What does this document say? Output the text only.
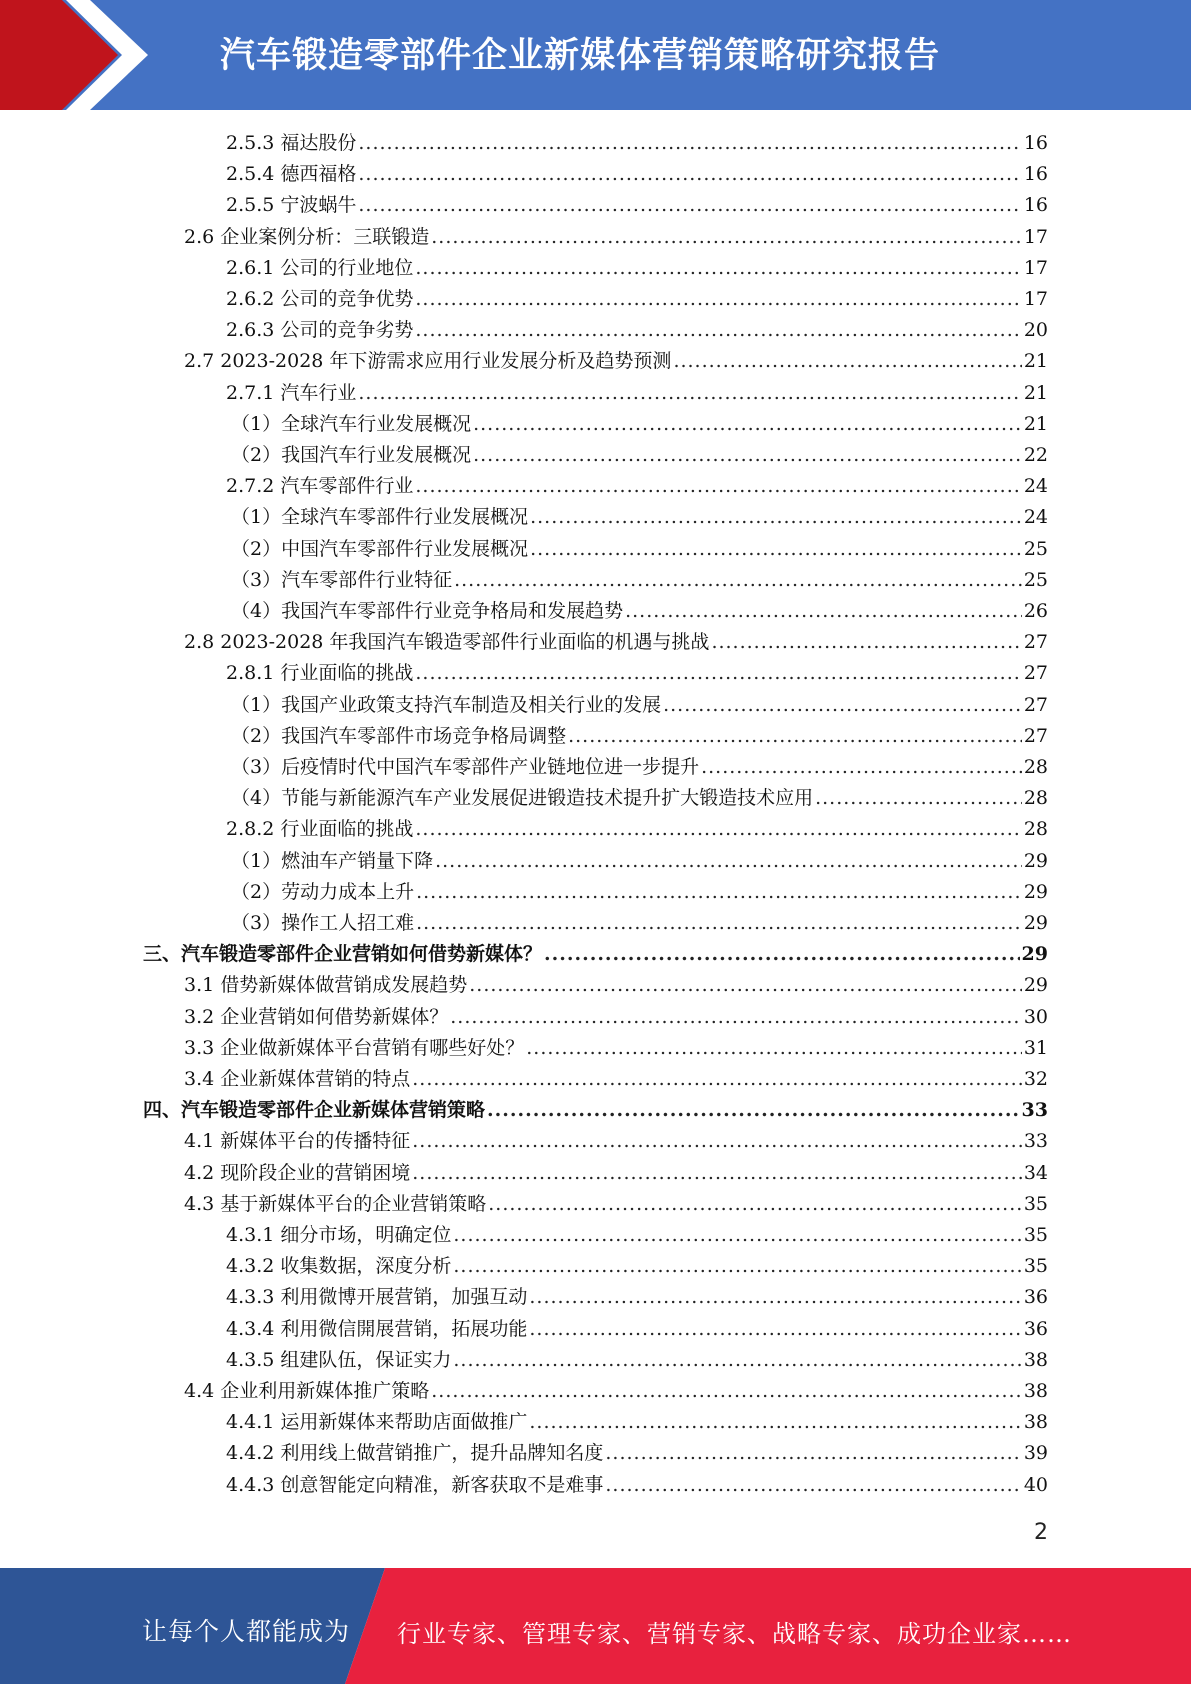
汽车锻造零部件企业新媒体营销策略研究报告
2.5.3 福达股份 .....	16
2.5.4 德西福格 .....	16
2.5.5 宁波蜗牛 .....	16
2.6 企业案例分析：三联锻造 .....	17
2.6.1 公司的行业地位 .....	17
2.6.2 公司的竞争优势 .....	17
2.6.3 公司的竞争劣势 .....	20
2.7 2023-2028 年下游需求应用行业发展分析及趋势预测 .....	21
2.7.1 汽车行业 .....	21
（1）全球汽车行业发展概况 .....	21
（2）我国汽车行业发展概况 .....	22
2.7.2 汽车零部件行业 .....	24
（1）全球汽车零部件行业发展概况 .....	24
（2）中国汽车零部件行业发展概况 .....	25
（3）汽车零部件行业特征 .....	25
（4）我国汽车零部件行业竞争格局和发展趋势 .....	26
2.8 2023-2028 年我国汽车锻造零部件行业面临的机遇与挑战 .....	27
2.8.1 行业面临的挑战 .....	27
（1）我国产业政策支持汽车制造及相关行业的发展 .....	27
（2）我国汽车零部件市场竞争格局调整 .....	27
（3）后疫情时代中国汽车零部件产业链地位进一步提升 .....	28
（4）节能与新能源汽车产业发展促进锻造技术提升扩大锻造技术应用 .....	28
2.8.2 行业面临的挑战 .....	28
（1）燃油车产销量下降 .....	29
（2）劳动力成本上升 .....	29
（3）操作工人招工难 .....	29
三、汽车锻造零部件企业营销如何借势新媒体？ .....	29
3.1 借势新媒体做营销成发展趋势 .....	29
3.2 企业营销如何借势新媒体？ .....	30
3.3 企业做新媒体平台营销有哪些好处？ .....	31
3.4 企业新媒体营销的特点 .....	32
四、汽车锻造零部件企业新媒体营销策略 .....	33
4.1 新媒体平台的传播特征 .....	33
4.2 现阶段企业的营销困境 .....	34
4.3 基于新媒体平台的企业营销策略 .....	35
4.3.1 细分市场，明确定位 .....	35
4.3.2 收集数据，深度分析 .....	35
4.3.3 利用微博开展营销，加强互动 .....	36
4.3.4 利用微信開展营销，拓展功能 .....	36
4.3.5 组建队伍，保证实力 .....	38
4.4 企业利用新媒体推广策略 .....	38
4.4.1 运用新媒体来帮助店面做推广 .....	38
4.4.2 利用线上做营销推广，提升品牌知名度 .....	39
4.4.3 创意智能定向精准，新客获取不是难事 .....	40
2
让每个人都能成为 行业专家、管理专家、营销专家、战略专家、成功企业家……
